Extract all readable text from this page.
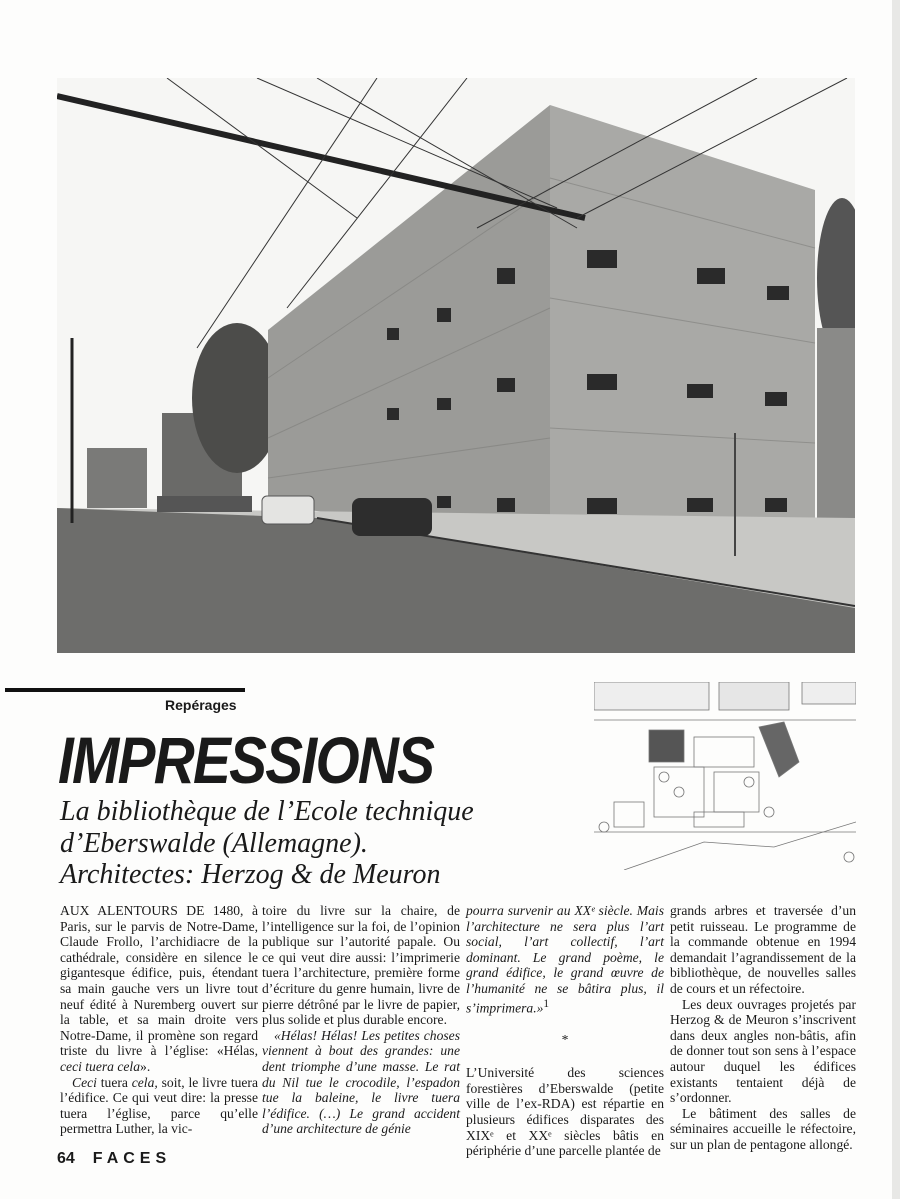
Repérages
IMPRESSIONS
La bibliothèque de l’Ecole technique
d’Eberswalde (Allemagne).
Architectes: Herzog & de Meuron

AUX ALENTOURS DE 1480, à Paris, sur le parvis de Notre-Dame, Claude Frollo, l’archidiacre de la cathédrale, considère en silence le gigantesque édifice, puis, étendant sa main gauche vers un livre tout neuf édité à Nuremberg ouvert sur la table, et sa main droite vers Notre-Dame, il promène son regard triste du livre à l’église: «Hélas, ceci tuera cela».

Ceci tuera cela, soit, le livre tuera l’édifice. Ce qui veut dire: la presse tuera l’église, parce qu’elle permettra Luther, la vic-

toire du livre sur la chaire, de l’intelligence sur la foi, de l’opinion publique sur l’autorité papale. Ou ce qui veut dire aussi: l’imprimerie tuera l’architecture, première forme d’écriture du genre humain, livre de pierre détrôné par le livre de papier, plus solide et plus durable encore.

«Hélas! Hélas! Les petites choses viennent à bout des grandes: une dent triomphe d’une masse. Le rat du Nil tue le crocodile, l’espadon tue la baleine, le livre tuera l’édifice. (…) Le grand accident d’une architecture de génie

pourra survenir au XXᵉ siècle. Mais l’architecture ne sera plus l’art social, l’art collectif, l’art dominant. Le grand poème, le grand édifice, le grand œuvre de l’humanité ne se bâtira plus, il s’imprimera.»$^1$

*

L’Université des sciences forestières d’Eberswalde (petite ville de l’ex-RDA) est répartie en plusieurs édifices disparates des XIXᵉ et XXᵉ siècles bâtis en périphérie d’une parcelle plantée de

grands arbres et traversée d’un petit ruisseau. Le programme de la commande obtenue en 1994 demandait l’agrandissement de la bibliothèque, de nouvelles salles de cours et un réfectoire.

Les deux ouvrages projetés par Herzog & de Meuron s’inscrivent dans deux angles non-bâtis, afin de donner tout son sens à l’espace autour duquel les édifices existants tentaient déjà de s’ordonner.

Le bâtiment des salles de séminaires accueille le réfectoire, sur un plan de pentagone allongé.

64 FACES
